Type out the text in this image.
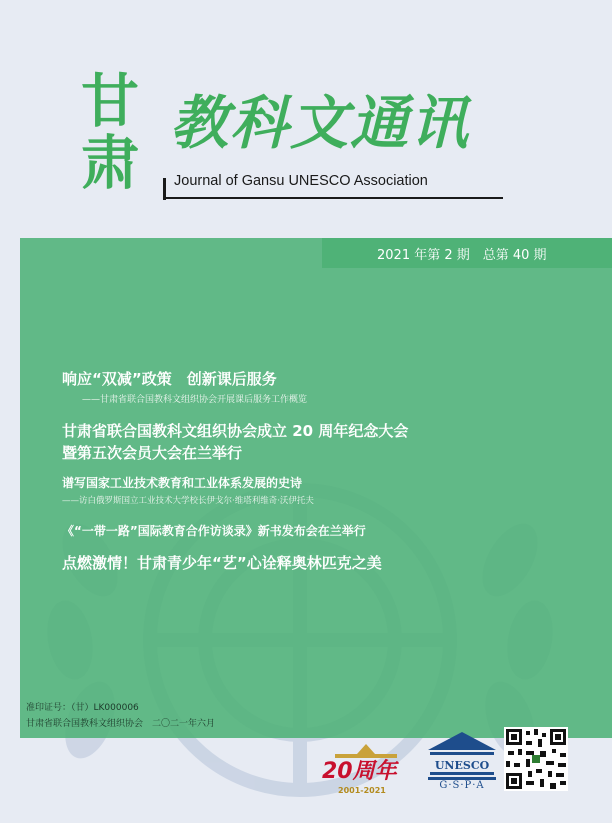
甘
肃
教科文通讯
Journal of Gansu UNESCO Association
2021 年第 2 期　总第 40 期
响应“双减”政策　创新课后服务
——甘肃省联合国教科文组织协会开展课后服务工作概览
甘肃省联合国教科文组织协会成立 20 周年纪念大会
暨第五次会员大会在兰举行
谱写国家工业技术教育和工业体系发展的史诗
——访白俄罗斯国立工业技术大学校长伊戈尔·维塔利维奇·沃伊托夫
《“一带一路”国际教育合作访谈录》新书发布会在兰举行
点燃激情！甘肃青少年“艺”心诠释奥林匹克之美
准印证号：（甘）LK000006
甘肃省联合国教科文组织协会　二〇二一年六月
20周年
2001-2021
UNESCO
G·S·P·A
